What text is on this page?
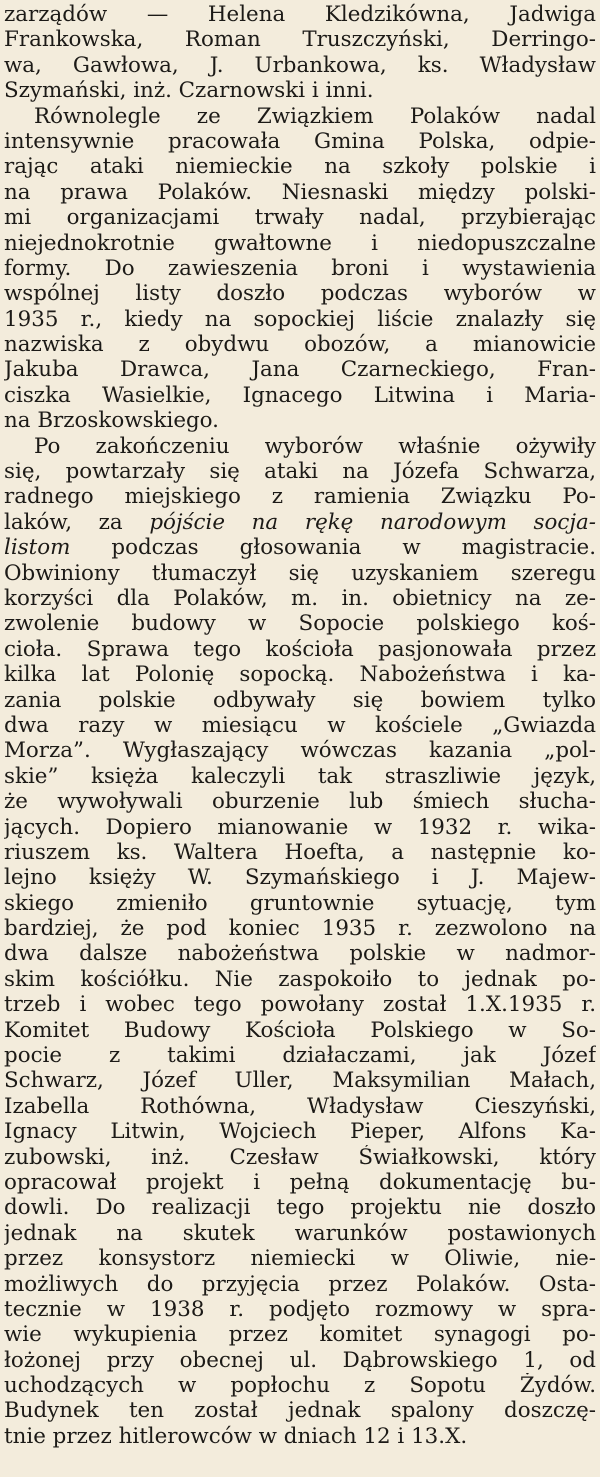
zarządów — Helena Kledzikówna, Jadwiga
Frankowska, Roman Truszczyński, Derringo-
wa, Gawłowa, J. Urbankowa, ks. Władysław
Szymański, inż. Czarnowski i inni.
Równolegle ze Związkiem Polaków nadal
intensywnie pracowała Gmina Polska, odpie-
rając ataki niemieckie na szkoły polskie i
na prawa Polaków. Niesnaski między polski-
mi organizacjami trwały nadal, przybierając
niejednokrotnie gwałtowne i niedopuszczalne
formy. Do zawieszenia broni i wystawienia
wspólnej listy doszło podczas wyborów w
1935 r., kiedy na sopockiej liście znalazły się
nazwiska z obydwu obozów, a mianowicie
Jakuba Drawca, Jana Czarneckiego, Fran-
ciszka Wasielkie, Ignacego Litwina i Maria-
na Brzoskowskiego.
Po zakończeniu wyborów właśnie ożywiły
się, powtarzały się ataki na Józefa Schwarza,
radnego miejskiego z ramienia Związku Po-
laków, za pójście na rękę narodowym socja-
listom podczas głosowania w magistracie.
Obwiniony tłumaczył się uzyskaniem szeregu
korzyści dla Polaków, m. in. obietnicy na ze-
zwolenie budowy w Sopocie polskiego koś-
cioła. Sprawa tego kościoła pasjonowała przez
kilka lat Polonię sopocką. Nabożeństwa i ka-
zania polskie odbywały się bowiem tylko
dwa razy w miesiącu w kościele „Gwiazda
Morza”. Wygłaszający wówczas kazania „pol-
skie” księża kaleczyli tak straszliwie język,
że wywoływali oburzenie lub śmiech słucha-
jących. Dopiero mianowanie w 1932 r. wika-
riuszem ks. Waltera Hoefta, a następnie ko-
lejno księży W. Szymańskiego i J. Majew-
skiego zmieniło gruntownie sytuację, tym
bardziej, że pod koniec 1935 r. zezwolono na
dwa dalsze nabożeństwa polskie w nadmor-
skim kościółku. Nie zaspokoiło to jednak po-
trzeb i wobec tego powołany został 1.X.1935 r.
Komitet Budowy Kościoła Polskiego w So-
pocie z takimi działaczami, jak Józef
Schwarz, Józef Uller, Maksymilian Małach,
Izabella Rothówna, Władysław Cieszyński,
Ignacy Litwin, Wojciech Pieper, Alfons Ka-
zubowski, inż. Czesław Świałkowski, który
opracował projekt i pełną dokumentację bu-
dowli. Do realizacji tego projektu nie doszło
jednak na skutek warunków postawionych
przez konsystorz niemiecki w Oliwie, nie-
możliwych do przyjęcia przez Polaków. Osta-
tecznie w 1938 r. podjęto rozmowy w spra-
wie wykupienia przez komitet synagogi po-
łożonej przy obecnej ul. Dąbrowskiego 1, od
uchodzących w popłochu z Sopotu Żydów.
Budynek ten został jednak spalony doszczę-
tnie przez hitlerowców w dniach 12 i 13.X.
